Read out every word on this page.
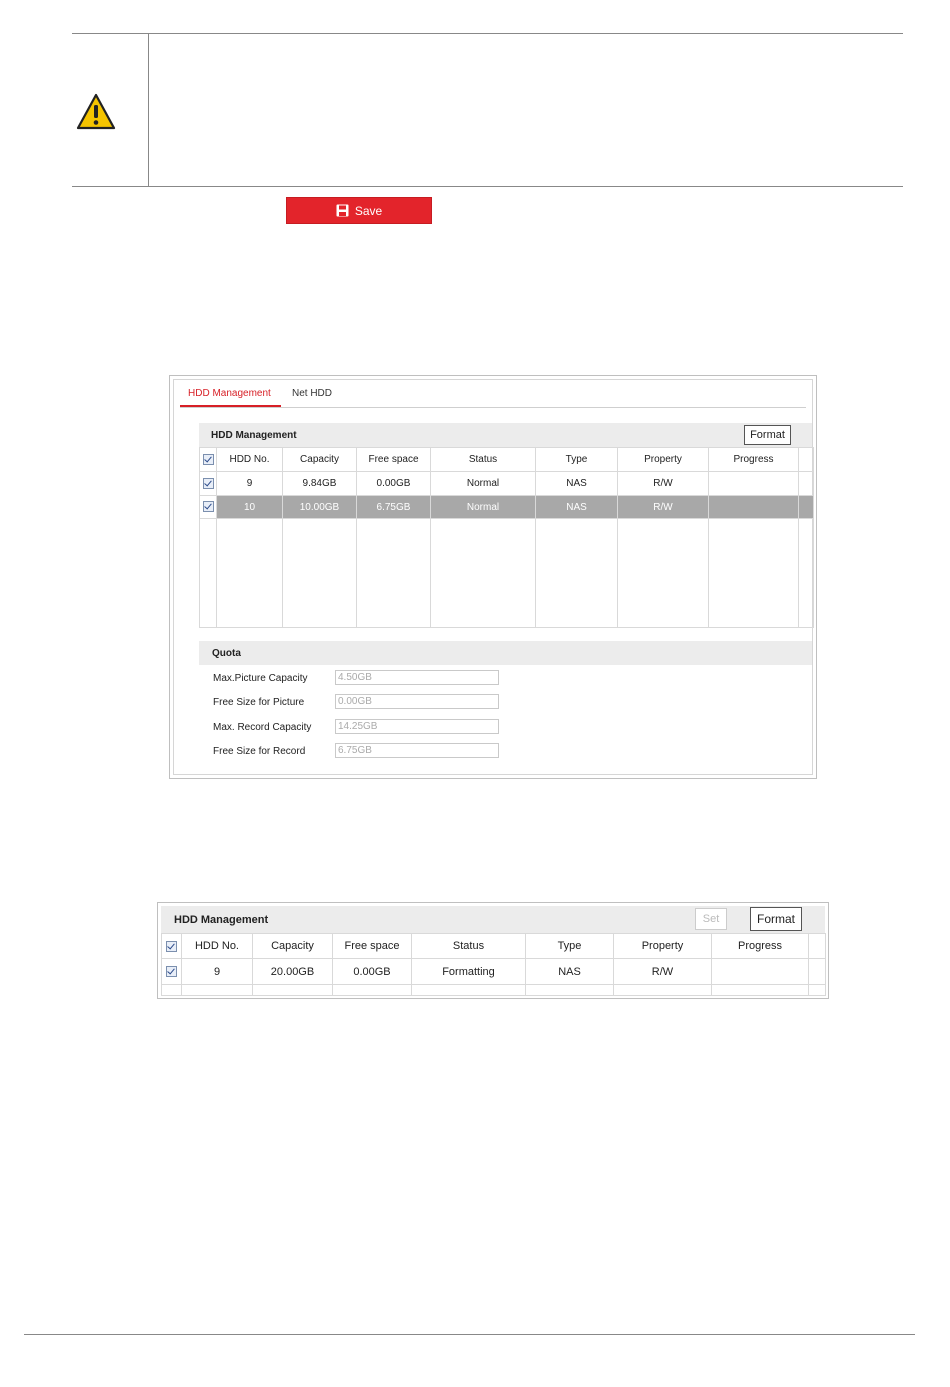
Save
HDD Management Net HDD
HDD Management	Format
	HDD No.	Capacity	Free space	Status	Type	Property	Progress	
	9	9.84GB	0.00GB	Normal	NAS	R/W		
	10	10.00GB	6.75GB	Normal	NAS	R/W		

Quota
Max.Picture Capacity	4.50GB
Free Size for Picture	0.00GB
Max. Record Capacity	14.25GB
Free Size for Record	6.75GB
HDD Management	Set	Format
	HDD No.	Capacity	Free space	Status	Type	Property	Progress	
	9	20.00GB	0.00GB	Formatting	NAS	R/W		
